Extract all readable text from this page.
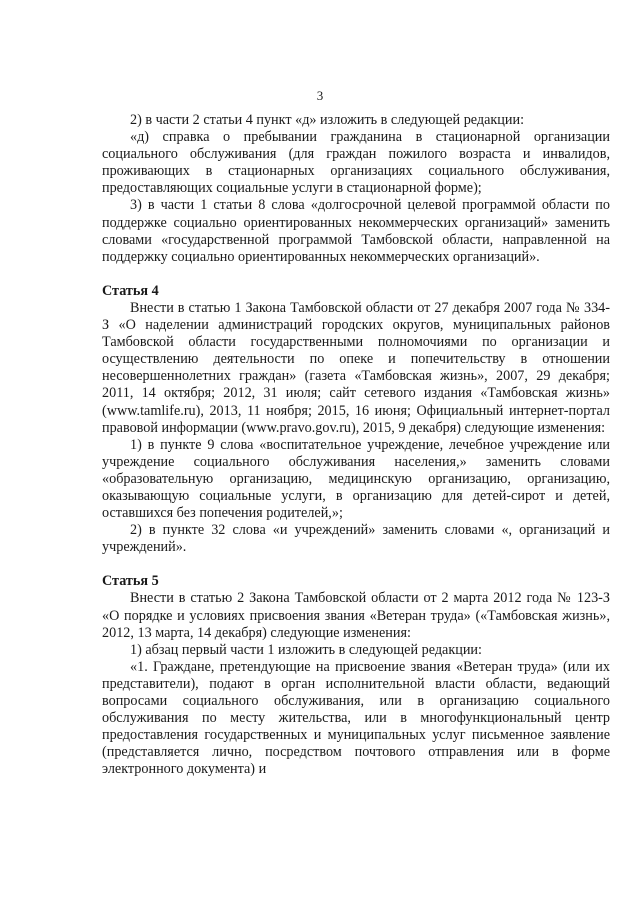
3

2) в части 2 статьи 4 пункт «д» изложить в следующей редакции:

«д) справка о пребывании гражданина в стационарной организации социального обслуживания (для граждан пожилого возраста и инвалидов, проживающих в стационарных организациях социального обслуживания, предоставляющих социальные услуги в стационарной форме);

3) в части 1 статьи 8 слова «долгосрочной целевой программой области по поддержке социально ориентированных некоммерческих организаций» заменить словами «государственной программой Тамбовской области, направленной на поддержку социально ориентированных некоммерческих организаций».

Статья 4

Внести в статью 1 Закона Тамбовской области от 27 декабря 2007 года № 334-З «О наделении администраций городских округов, муниципальных районов Тамбовской области государственными полномочиями по организации и осуществлению деятельности по опеке и попечительству в отношении несовершеннолетних граждан» (газета «Тамбовская жизнь», 2007, 29 декабря; 2011, 14 октября; 2012, 31 июля; сайт сетевого издания «Тамбовская жизнь» (www.tamlife.ru), 2013, 11 ноября; 2015, 16 июня; Официальный интернет-портал правовой информации (www.pravo.gov.ru), 2015, 9 декабря) следующие изменения:

1) в пункте 9 слова «воспитательное учреждение, лечебное учреждение или учреждение социального обслуживания населения,» заменить словами «образовательную организацию, медицинскую организацию, организацию, оказывающую социальные услуги, в организацию для детей-сирот и детей, оставшихся без попечения родителей,»;

2) в пункте 32 слова «и учреждений» заменить словами «, организаций и учреждений».

Статья 5

Внести в статью 2 Закона Тамбовской области от 2 марта 2012 года № 123-З «О порядке и условиях присвоения звания «Ветеран труда» («Тамбовская жизнь», 2012, 13 марта, 14 декабря) следующие изменения:

1) абзац первый части 1 изложить в следующей редакции:

«1. Граждане, претендующие на присвоение звания «Ветеран труда» (или их представители), подают в орган исполнительной власти области, ведающий вопросами социального обслуживания, или в организацию социального обслуживания по месту жительства, или в многофункциональный центр предоставления государственных и муниципальных услуг письменное заявление (представляется лично, посредством почтового отправления или в форме электронного документа) и
